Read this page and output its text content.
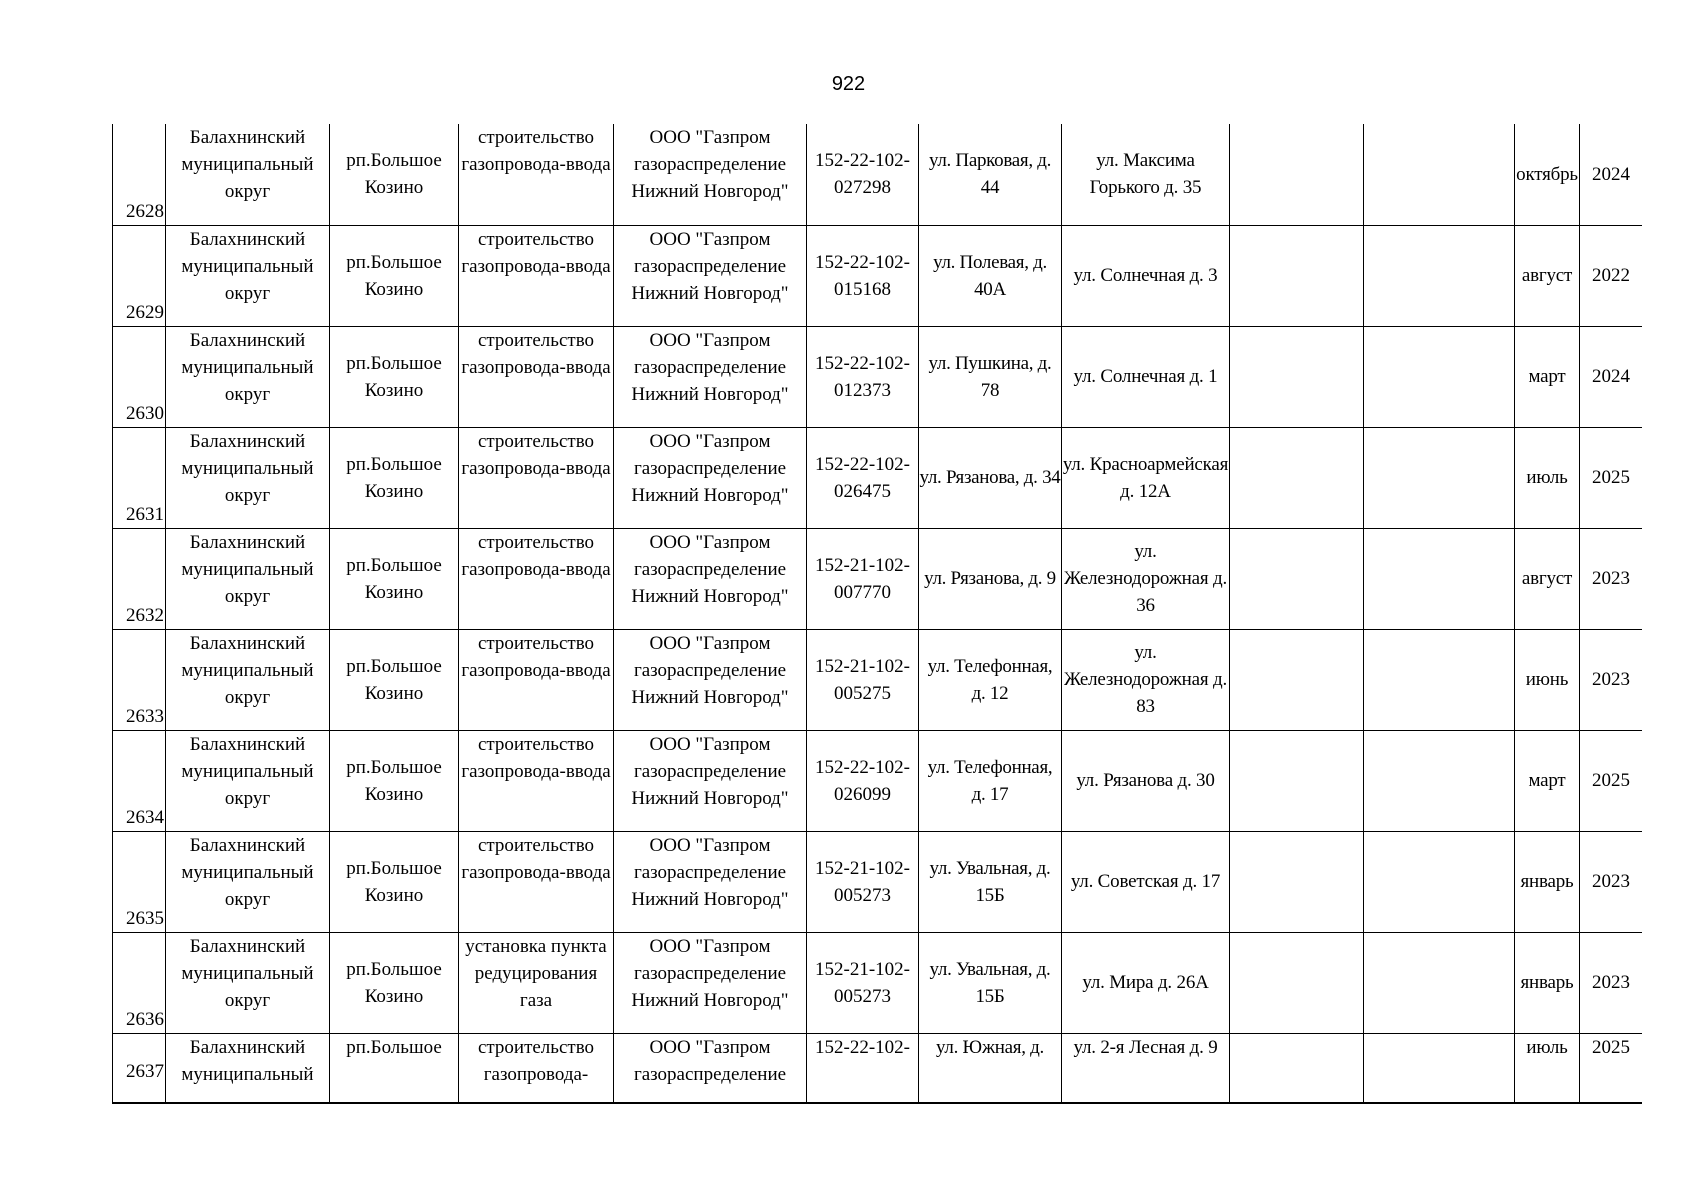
922
2628	Балахнинский муниципальный округ	рп.Большое Козино	строительство газопровода-ввода	ООО "Газпром газораспределение Нижний Новгород"	152-22-102-027298	ул. Парковая, д. 44	ул. Максима Горького д. 35			октябрь	2024
2629	Балахнинский муниципальный округ	рп.Большое Козино	строительство газопровода-ввода	ООО "Газпром газораспределение Нижний Новгород"	152-22-102-015168	ул. Полевая, д. 40А	ул. Солнечная д. 3			август	2022
2630	Балахнинский муниципальный округ	рп.Большое Козино	строительство газопровода-ввода	ООО "Газпром газораспределение Нижний Новгород"	152-22-102-012373	ул. Пушкина, д. 78	ул. Солнечная д. 1			март	2024
2631	Балахнинский муниципальный округ	рп.Большое Козино	строительство газопровода-ввода	ООО "Газпром газораспределение Нижний Новгород"	152-22-102-026475	ул. Рязанова, д. 34	ул. Красноармейская д. 12А			июль	2025
2632	Балахнинский муниципальный округ	рп.Большое Козино	строительство газопровода-ввода	ООО "Газпром газораспределение Нижний Новгород"	152-21-102-007770	ул. Рязанова, д. 9	ул. Железнодорожная д. 36			август	2023
2633	Балахнинский муниципальный округ	рп.Большое Козино	строительство газопровода-ввода	ООО "Газпром газораспределение Нижний Новгород"	152-21-102-005275	ул. Телефонная, д. 12	ул. Железнодорожная д. 83			июнь	2023
2634	Балахнинский муниципальный округ	рп.Большое Козино	строительство газопровода-ввода	ООО "Газпром газораспределение Нижний Новгород"	152-22-102-026099	ул. Телефонная, д. 17	ул. Рязанова д. 30			март	2025
2635	Балахнинский муниципальный округ	рп.Большое Козино	строительство газопровода-ввода	ООО "Газпром газораспределение Нижний Новгород"	152-21-102-005273	ул. Увальная, д. 15Б	ул. Советская д. 17			январь	2023
2636	Балахнинский муниципальный округ	рп.Большое Козино	установка пункта редуцирования газа	ООО "Газпром газораспределение Нижний Новгород"	152-21-102-005273	ул. Увальная, д. 15Б	ул. Мира д. 26А			январь	2023
2637	Балахнинский муниципальный	рп.Большое	строительство газопровода-	ООО "Газпром газораспределение	152-22-102-	ул. Южная, д.	ул. 2-я Лесная д. 9			июль	2025
